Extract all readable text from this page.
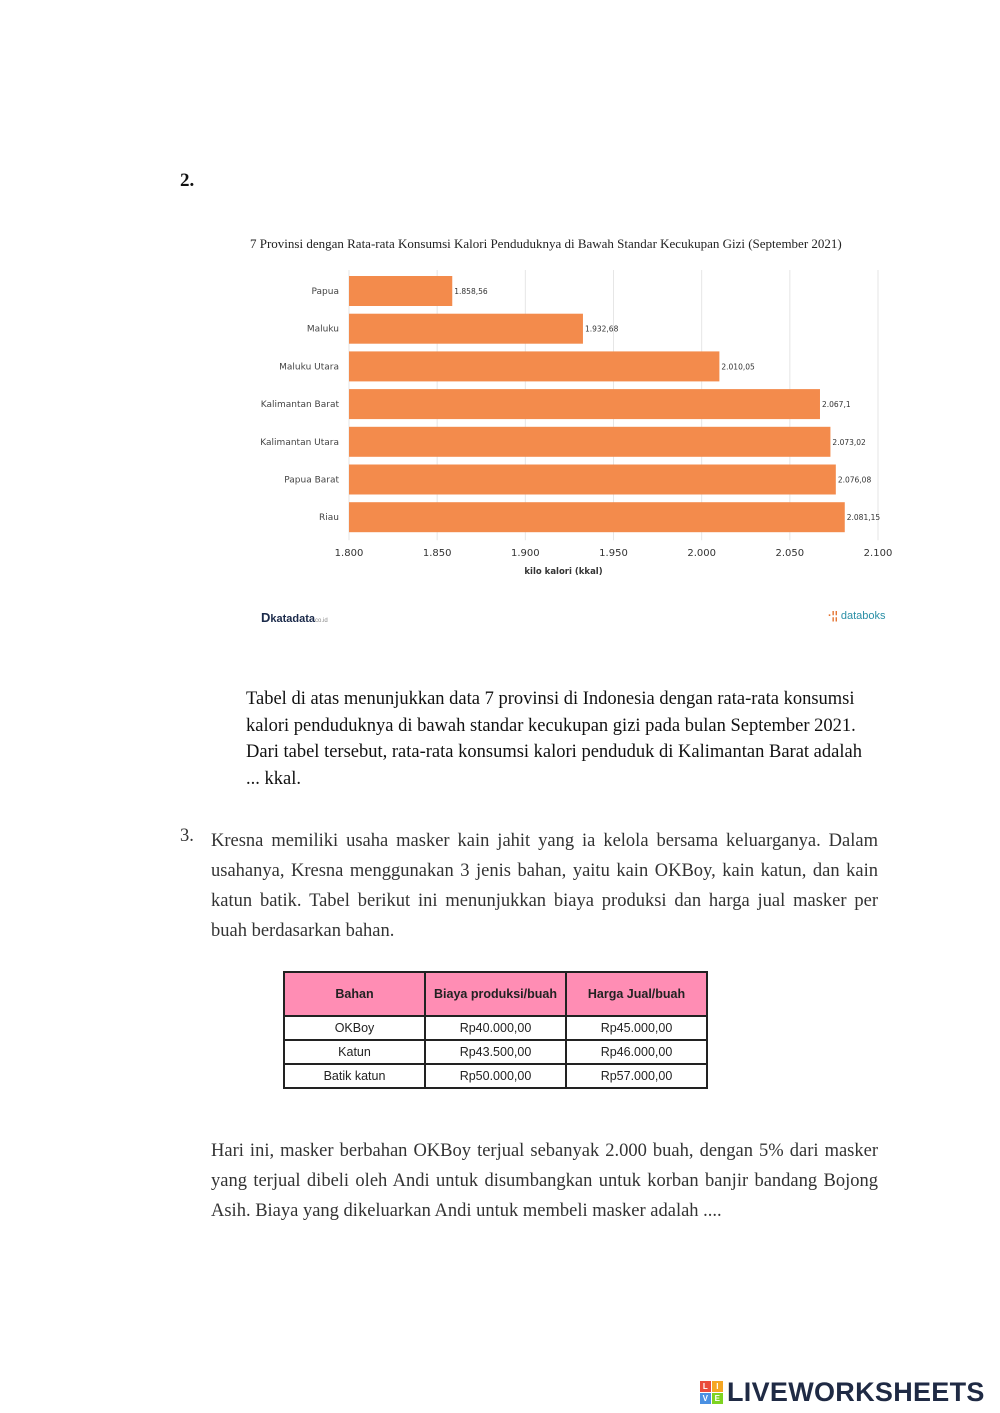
2.
7 Provinsi dengan Rata-rata Konsumsi Kalori Penduduknya di Bawah Standar Kecukupan Gizi (September 2021)
1.800	1.850	1.900	1.950	2.000	2.050	2.100
Papua	1.858,56
Maluku	1.932,68
Maluku Utara	2.010,05
Kalimantan Barat	2.067,1
Kalimantan Utara	2.073,02
Papua Barat	2.076,08
Riau	2.081,15
kilo kalori (kkal)
Dkatadataco.id	·¦¦ databoks
Tabel di atas menunjukkan data 7 provinsi di Indonesia dengan rata-rata konsumsi kalori penduduknya di bawah standar kecukupan gizi pada bulan September 2021. Dari tabel tersebut, rata-rata konsumsi kalori penduduk di Kalimantan Barat adalah ... kkal.
3. Kresna memiliki usaha masker kain jahit yang ia kelola bersama keluarganya. Dalam usahanya, Kresna menggunakan 3 jenis bahan, yaitu kain OKBoy, kain katun, dan kain katun batik. Tabel berikut ini menunjukkan biaya produksi dan harga jual masker per buah berdasarkan bahan.
Bahan	Biaya produksi/buah	Harga Jual/buah
OKBoy	Rp40.000,00	Rp45.000,00
Katun	Rp43.500,00	Rp46.000,00
Batik katun	Rp50.000,00	Rp57.000,00
Hari ini, masker berbahan OKBoy terjual sebanyak 2.000 buah, dengan 5% dari masker yang terjual dibeli oleh Andi untuk disumbangkan untuk korban banjir bandang Bojong Asih. Biaya yang dikeluarkan Andi untuk membeli masker adalah ....
L	I
V E LIVEWORKSHEETS
